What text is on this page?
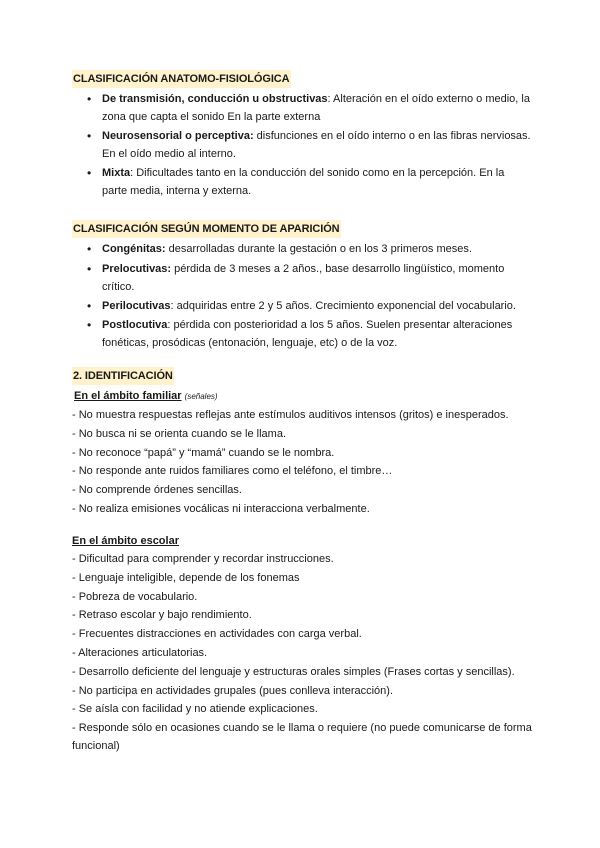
CLASIFICACIÓN ANATOMO-FISIOLÓGICA
• De transmisión, conducción u obstructivas: Alteración en el oído externo o medio, la zona que capta el sonido En la parte externa
• Neurosensorial o perceptiva: disfunciones en el oído interno o en las fibras nerviosas. En el oído medio al interno.
• Mixta: Dificultades tanto en la conducción del sonido como en la percepción. En la parte media, interna y externa.
CLASIFICACIÓN SEGÚN MOMENTO DE APARICIÓN
• Congénitas: desarrolladas durante la gestación o en los 3 primeros meses.
• Prelocutivas: pérdida de 3 meses a 2 años., base desarrollo lingüístico, momento crítico.
• Perilocutivas: adquiridas entre 2 y 5 años. Crecimiento exponencial del vocabulario.
• Postlocutiva: pérdida con posterioridad a los 5 años. Suelen presentar alteraciones fonéticas, prosódicas (entonación, lenguaje, etc) o de la voz.
2. IDENTIFICACIÓN
En el ámbito familiar (señales)

- No muestra respuestas reflejas ante estímulos auditivos intensos (gritos) e inesperados.

- No busca ni se orienta cuando se le llama.

- No reconoce “papá” y “mamá” cuando se le nombra.

- No responde ante ruidos familiares como el teléfono, el timbre…

- No comprende órdenes sencillas.

- No realiza emisiones vocálicas ni interacciona verbalmente.

En el ámbito escolar

- Dificultad para comprender y recordar instrucciones.

- Lenguaje inteligible, depende de los fonemas

- Pobreza de vocabulario.

- Retraso escolar y bajo rendimiento.

- Frecuentes distracciones en actividades con carga verbal.

- Alteraciones articulatorias.

- Desarrollo deficiente del lenguaje y estructuras orales simples (Frases cortas y sencillas).

- No participa en actividades grupales (pues conlleva interacción).

- Se aísla con facilidad y no atiende explicaciones.

- Responde sólo en ocasiones cuando se le llama o requiere (no puede comunicarse de forma funcional)
